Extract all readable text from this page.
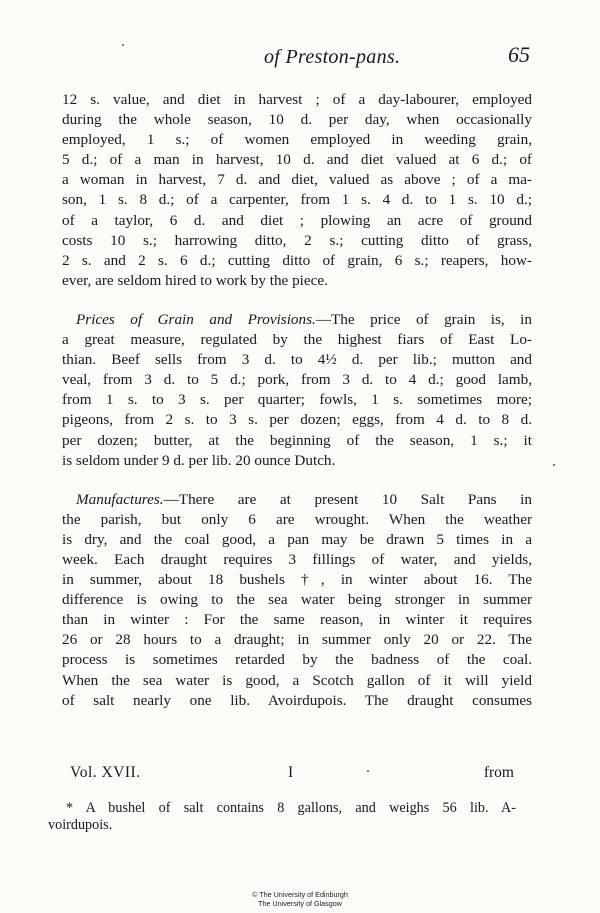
of Preston-pans.	65
12 s. value, and diet in harvest ; of a day-labourer, employed
during the whole season, 10 d. per day, when occasionally
employed, 1 s.; of women employed in weeding grain,
5 d.; of a man in harvest, 10 d. and diet valued at 6 d.; of
a woman in harvest, 7 d. and diet, valued as above ; of a ma-
son, 1 s. 8 d.; of a carpenter, from 1 s. 4 d. to 1 s. 10 d.;
of a taylor, 6 d. and diet ; plowing an acre of ground
costs 10 s.; harrowing ditto, 2 s.; cutting ditto of grass,
2 s. and 2 s. 6 d.; cutting ditto of grain, 6 s.; reapers, how-
ever, are seldom hired to work by the piece.
Prices of Grain and Provisions.—The price of grain is, in
a great measure, regulated by the highest fiars of East Lo-
thian. Beef sells from 3 d. to 4½ d. per lib.; mutton and
veal, from 3 d. to 5 d.; pork, from 3 d. to 4 d.; good lamb,
from 1 s. to 3 s. per quarter; fowls, 1 s. sometimes more;
pigeons, from 2 s. to 3 s. per dozen; eggs, from 4 d. to 8 d.
per dozen; butter, at the beginning of the season, 1 s.; it
is seldom under 9 d. per lib. 20 ounce Dutch.
Manufactures.—There are at present 10 Salt Pans in
the parish, but only 6 are wrought. When the weather
is dry, and the coal good, a pan may be drawn 5 times in a
week. Each draught requires 3 fillings of water, and yields,
in summer, about 18 bushels †, in winter about 16. The
difference is owing to the sea water being stronger in summer
than in winter : For the same reason, in winter it requires
26 or 28 hours to a draught; in summer only 20 or 22. The
process is sometimes retarded by the badness of the coal.
When the sea water is good, a Scotch gallon of it will yield
of salt nearly one lib. Avoirdupois. The draught consumes
Vol. XVII.	I	from
* A bushel of salt contains 8 gallons, and weighs 56 lib. A-
voirdupois.
© The University of Edinburgh
The University of Glasgow
